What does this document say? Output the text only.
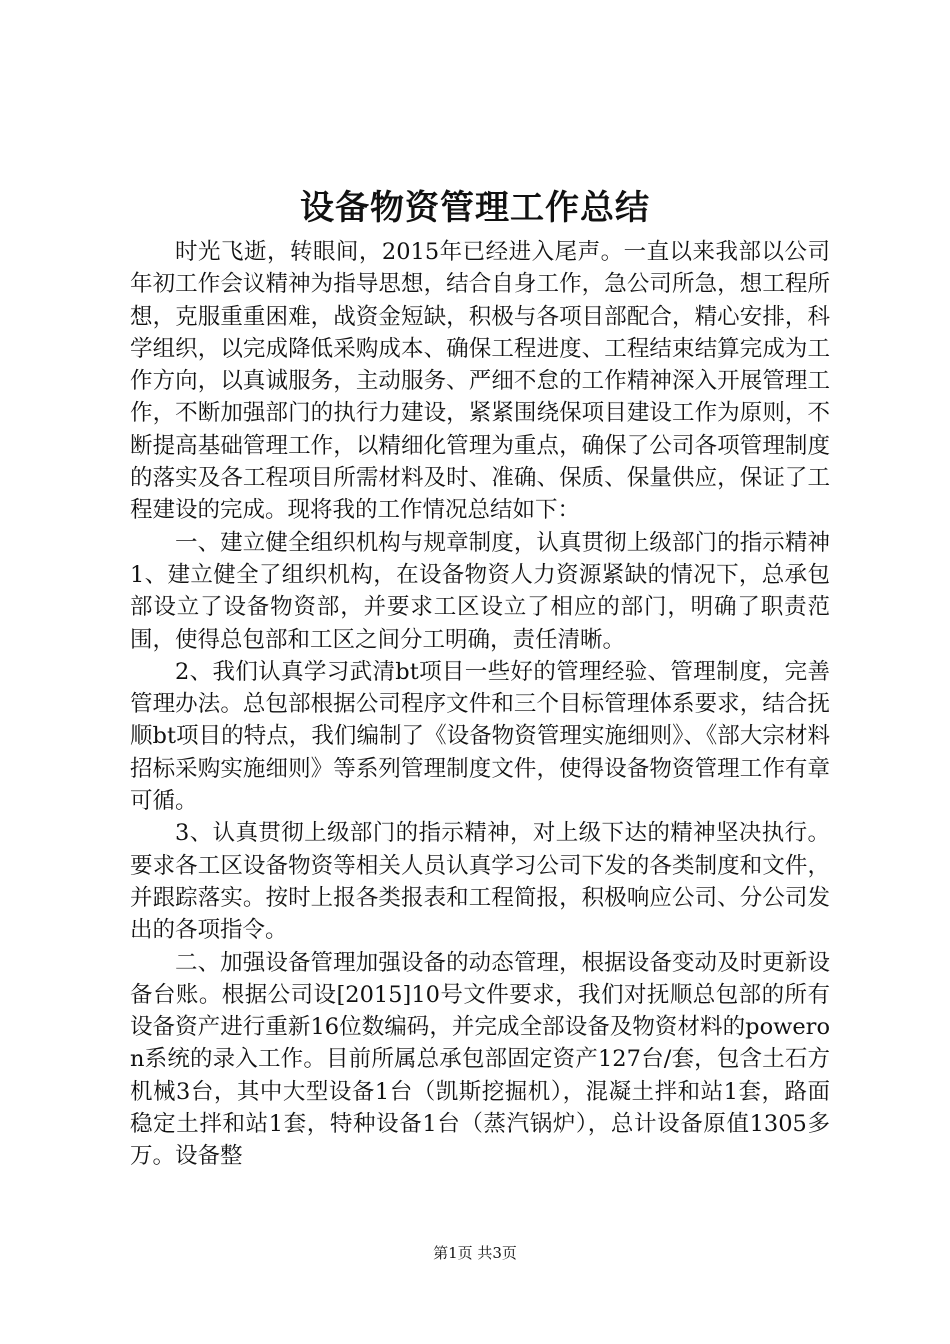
设备物资管理工作总结

时光飞逝，转眼间，2015年已经进入尾声。一直以来我部以公司年初工作会议精神为指导思想，结合自身工作，急公司所急，想工程所想，克服重重困难，战资金短缺，积极与各项目部配合，精心安排，科学组织，以完成降低采购成本、确保工程进度、工程结束结算完成为工作方向，以真诚服务，主动服务、严细不怠的工作精神深入开展管理工作，不断加强部门的执行力建设，紧紧围绕保项目建设工作为原则，不断提高基础管理工作，以精细化管理为重点，确保了公司各项管理制度的落实及各工程项目所需材料及时、准确、保质、保量供应，保证了工程建设的完成。现将我的工作情况总结如下：

一、建立健全组织机构与规章制度，认真贯彻上级部门的指示精神1、建立健全了组织机构，在设备物资人力资源紧缺的情况下，总承包部设立了设备物资部，并要求工区设立了相应的部门，明确了职责范围，使得总包部和工区之间分工明确，责任清晰。

2、我们认真学习武清bt项目一些好的管理经验、管理制度，完善管理办法。总包部根据公司程序文件和三个目标管理体系要求，结合抚顺bt项目的特点，我们编制了《设备物资管理实施细则》、《部大宗材料招标采购实施细则》等系列管理制度文件，使得设备物资管理工作有章可循。

3、认真贯彻上级部门的指示精神，对上级下达的精神坚决执行。要求各工区设备物资等相关人员认真学习公司下发的各类制度和文件，并跟踪落实。按时上报各类报表和工程简报，积极响应公司、分公司发出的各项指令。

二、加强设备管理加强设备的动态管理，根据设备变动及时更新设备台账。根据公司设[2015]10号文件要求，我们对抚顺总包部的所有设备资产进行重新16位数编码，并完成全部设备及物资材料的poweron系统的录入工作。目前所属总承包部固定资产127台/套，包含土石方机械3台，其中大型设备1台（凯斯挖掘机），混凝土拌和站1套，路面稳定土拌和站1套，特种设备1台（蒸汽锅炉），总计设备原值1305多万。设备整

第1页 共3页
